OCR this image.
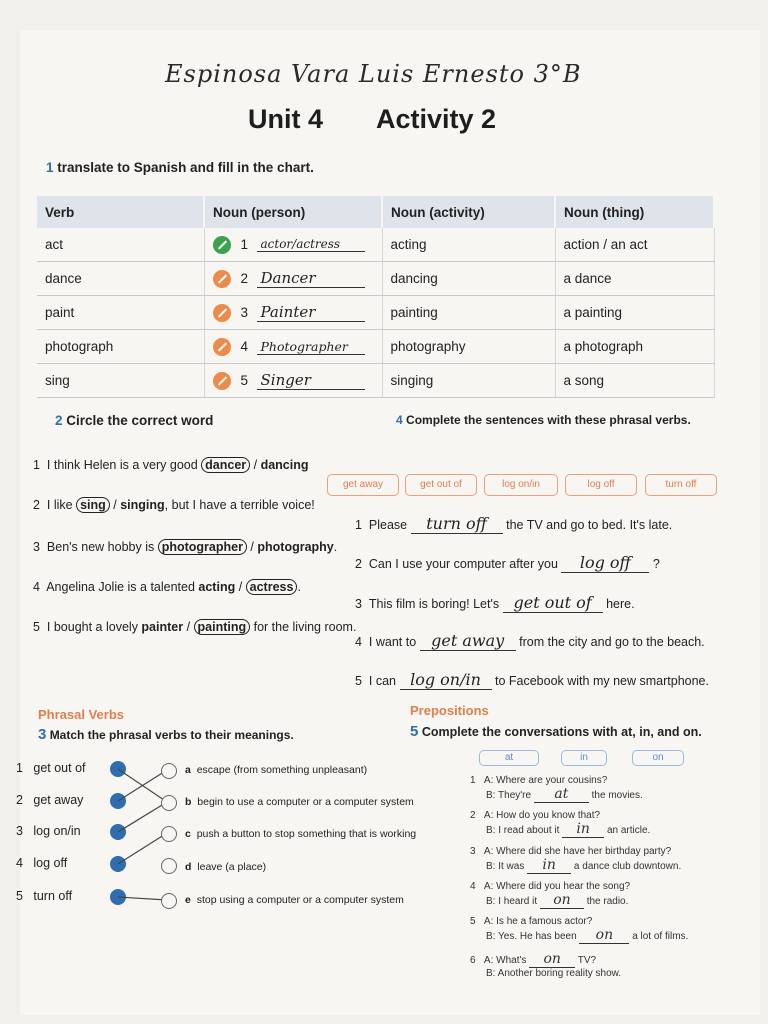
Espinosa Vara Luis Ernesto 3°B
Unit 4 Activity 2
1 translate to Spanish and fill in the chart.
Verb	Noun (person)	Noun (activity)	Noun (thing)
act	1 actor/actress	acting	action / an act
dance	2 Dancer	dancing	a dance
paint	3 Painter	painting	a painting
photograph	4 Photographer	photography	a photograph
sing	5 Singer	singing	a song
2 Circle the correct word
1 I think Helen is a very good dancer / dancing
2 I like sing / singing, but I have a terrible voice!
3 Ben's new hobby is photographer / photography.
4 Angelina Jolie is a talented acting / actress .
5 I bought a lovely painter / painting for the living room.
4 Complete the sentences with these phrasal verbs.
get away	get out of	log on/in	log off	turn off
1 Please turn off the TV and go to bed. It's late.
2 Can I use your computer after you log off ?
3 This film is boring! Let's get out of here.
4 I want to get away from the city and go to the beach.
5 I can log on/in to Facebook with my new smartphone.
Phrasal Verbs
3 Match the phrasal verbs to their meanings.
1 get out of
2 get away
3 log on/in
4 log off
5 turn off
a escape (from something unpleasant)
b begin to use a computer or a computer system
c push a button to stop something that is working
d leave (a place)
e stop using a computer or a computer system
Prepositions
5 Complete the conversations with at, in, and on.
at	in	on
1 A: Where are your cousins?
B: They're at the movies.
2 A: How do you know that?
B: I read about it in an article.
3 A: Where did she have her birthday party?
B: It was in a dance club downtown.
4 A: Where did you hear the song?
B: I heard it on the radio.
5 A: Is he a famous actor?
B: Yes. He has been on a lot of films.
6 A: What's on TV?
B: Another boring reality show.
